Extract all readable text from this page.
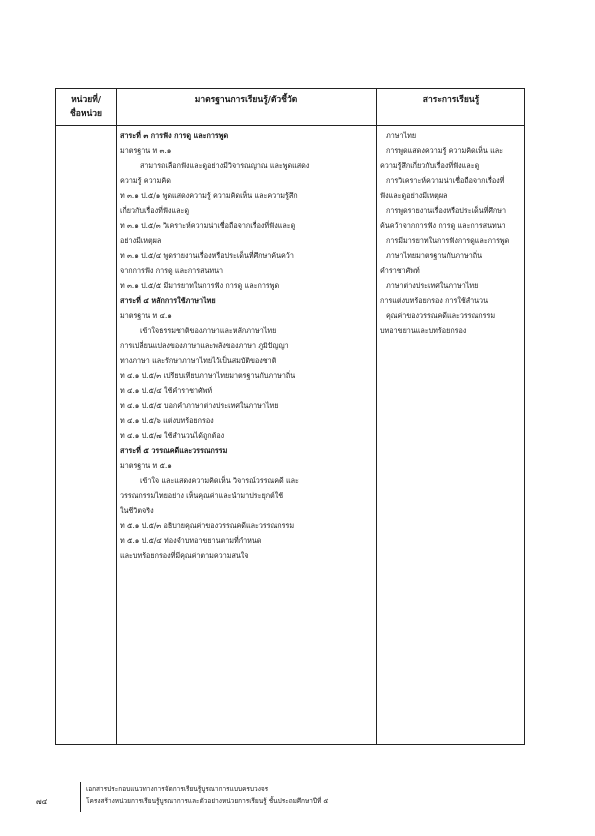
หน่วยที่/
ชื่อหน่วย
มาตรฐานการเรียนรู้/ตัวชี้วัด	สาระการเรียนรู้
สาระที่ ๓ การฟัง การดู และการพูด
มาตรฐาน ท ๓.๑
สามารถเลือกฟังและดูอย่างมีวิจารณญาณ และพูดแสดง
ความรู้ ความคิด
ท ๓.๑ ป.๕/๑ พูดแสดงความรู้ ความคิดเห็น และความรู้สึก
เกี่ยวกับเรื่องที่ฟังและดู
ท ๓.๑ ป.๕/๓ วิเคราะห์ความน่าเชื่อถือจากเรื่องที่ฟังและดู
อย่างมีเหตุผล
ท ๓.๑ ป.๕/๔ พูดรายงานเรื่องหรือประเด็นที่ศึกษาค้นคว้า
จากการฟัง การดู และการสนทนา
ท ๓.๑ ป.๕/๕ มีมารยาทในการฟัง การดู และการพูด
สาระที่ ๔ หลักการใช้ภาษาไทย
มาตรฐาน ท ๔.๑
เข้าใจธรรมชาติของภาษาและหลักภาษาไทย
การเปลี่ยนแปลงของภาษาและพลังของภาษา ภูมิปัญญา
ทางภาษา และรักษาภาษาไทยไว้เป็นสมบัติของชาติ
ท ๔.๑ ป.๕/๓ เปรียบเทียบภาษาไทยมาตรฐานกับภาษาถิ่น
ท ๔.๑ ป.๕/๔ ใช้คำราชาศัพท์
ท ๔.๑ ป.๕/๕ บอกคำภาษาต่างประเทศในภาษาไทย
ท ๔.๑ ป.๕/๖ แต่งบทร้อยกรอง
ท ๔.๑ ป.๕/๗ ใช้สำนวนได้ถูกต้อง
สาระที่ ๕ วรรณคดีและวรรณกรรม
มาตรฐาน ท ๕.๑
เข้าใจ และแสดงความคิดเห็น วิจารณ์วรรณคดี และ
วรรณกรรมไทยอย่าง เห็นคุณค่าและนำมาประยุกต์ใช้
ในชีวิตจริง
ท ๕.๑ ป.๕/๓ อธิบายคุณค่าของวรรณคดีและวรรณกรรม
ท ๕.๑ ป.๕/๔ ท่องจำบทอาขยานตามที่กำหนด
และบทร้อยกรองที่มีคุณค่าตามความสนใจ
ภาษาไทย
การพูดแสดงความรู้ ความคิดเห็น และ
ความรู้สึกเกี่ยวกับเรื่องที่ฟังและดู
การวิเคราะห์ความน่าเชื่อถือจากเรื่องที่
ฟังและดูอย่างมีเหตุผล
การพูดรายงานเรื่องหรือประเด็นที่ศึกษา
ค้นคว้าจากการฟัง การดู และการสนทนา
การมีมารยาทในการฟังการดูและการพูด
ภาษาไทยมาตรฐานกับภาษาถิ่น
คำราชาศัพท์
ภาษาต่างประเทศในภาษาไทย
การแต่งบทร้อยกรอง การใช้สำนวน
คุณค่าของวรรณคดีและวรรณกรรม
บทอาขยานและบทร้อยกรอง
๗๔
เอกสารประกอบแนวทางการจัดการเรียนรู้บูรณาการแบบครบวงจร
โครงสร้างหน่วยการเรียนรู้บูรณาการและตัวอย่างหน่วยการเรียนรู้ ชั้นประถมศึกษาปีที่ ๕
